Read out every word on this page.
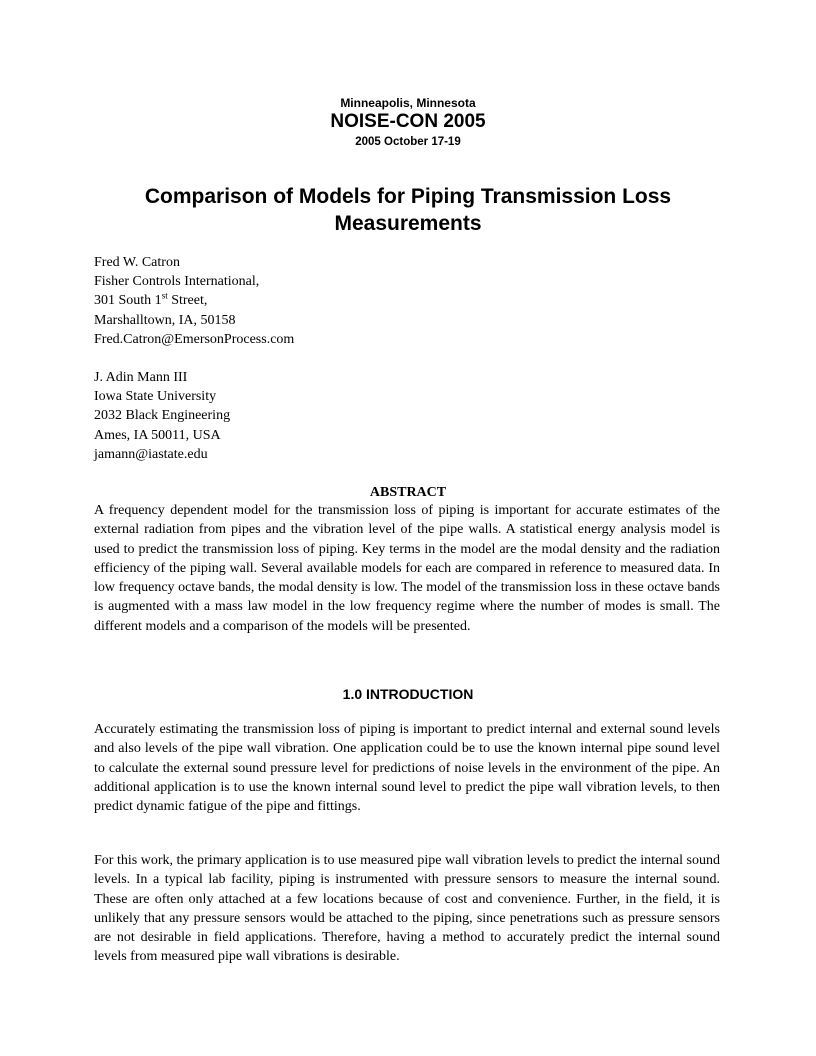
Minneapolis, Minnesota
NOISE-CON 2005
2005 October 17-19
Comparison of Models for Piping Transmission Loss Measurements
Fred W. Catron
Fisher Controls International,
301 South 1st Street,
Marshalltown, IA, 50158
Fred.Catron@EmersonProcess.com
J. Adin Mann III
Iowa State University
2032 Black Engineering
Ames, IA 50011, USA
jamann@iastate.edu
ABSTRACT

A frequency dependent model for the transmission loss of piping is important for accurate estimates of the external radiation from pipes and the vibration level of the pipe walls. A statistical energy analysis model is used to predict the transmission loss of piping. Key terms in the model are the modal density and the radiation efficiency of the piping wall. Several available models for each are compared in reference to measured data. In low frequency octave bands, the modal density is low. The model of the transmission loss in these octave bands is augmented with a mass law model in the low frequency regime where the number of modes is small. The different models and a comparison of the models will be presented.

1.0 INTRODUCTION

Accurately estimating the transmission loss of piping is important to predict internal and external sound levels and also levels of the pipe wall vibration. One application could be to use the known internal pipe sound level to calculate the external sound pressure level for predictions of noise levels in the environment of the pipe. An additional application is to use the known internal sound level to predict the pipe wall vibration levels, to then predict dynamic fatigue of the pipe and fittings.

For this work, the primary application is to use measured pipe wall vibration levels to predict the internal sound levels. In a typical lab facility, piping is instrumented with pressure sensors to measure the internal sound. These are often only attached at a few locations because of cost and convenience. Further, in the field, it is unlikely that any pressure sensors would be attached to the piping, since penetrations such as pressure sensors are not desirable in field applications. Therefore, having a method to accurately predict the internal sound levels from measured pipe wall vibrations is desirable.
